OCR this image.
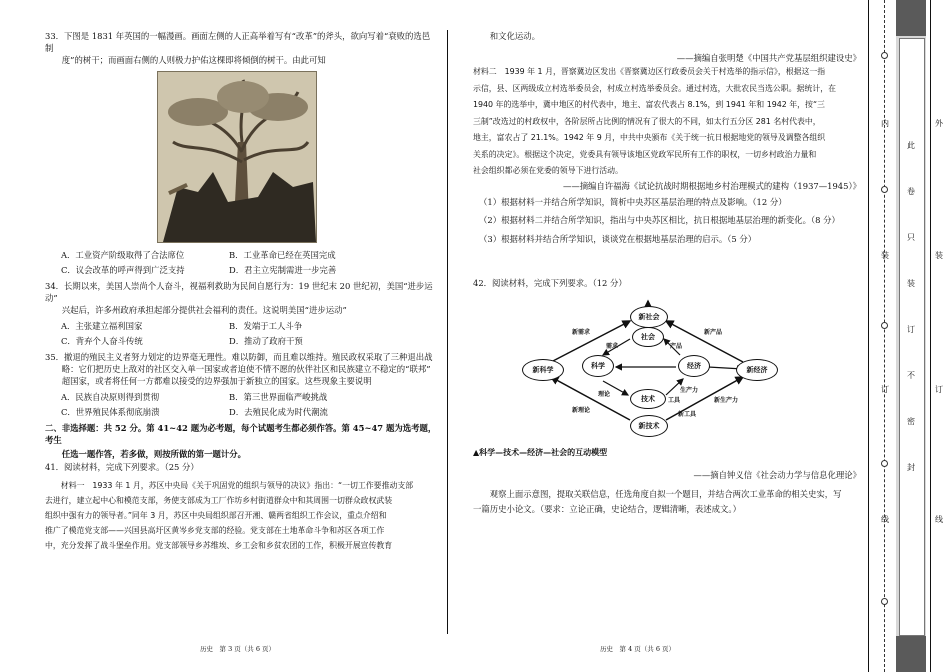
33．下图是 1831 年英国的一幅漫画。画面左侧的人正高举着写有“改革”的斧头，欲向写着“衰败的选邑制

度”的树干；而画面右侧的人则极力护佑这棵即将倾倒的树干。由此可知

A．工业资产阶级取得了合法席位	B．工业革命已经在英国完成
C．议会改革的呼声得到广泛支持	D．君主立宪制需进一步完善

34．长期以来，美国人崇尚个人奋斗，视福利救助为民间自愿行为：19 世纪末 20 世纪初，美国“进步运动”

兴起后，许多州政府承担起部分提供社会福利的责任。这说明美国“进步运动”

A．主张建立福利国家	B．发端于工人斗争
C．背弃个人奋斗传统	D．推动了政府干预

35．撤退的殖民主义者努力划定的边界毫无理性。难以防御，而且难以维持。殖民政权采取了三种退出战

略：它们把历史上敌对的社区交入单一国家或者迫使不情不愿的伙伴社区和民族建立不稳定的“联邦”

超国家，或者将任何一方都难以接受的边界强加于新独立的国家。这些现象主要说明

A．民族自决原则得到贯彻	B．第三世界面临严峻挑战
C．世界殖民体系彻底崩溃	D．去殖民化成为时代潮流

二、非选择题：共 52 分。第 41~42 题为必考题，每个试题考生都必须作答。第 45~47 题为选考题，考生

任选一题作答，若多做，则按所做的第一题计分。

41．阅读材料，完成下列要求。（25 分）

材料一　1933 年 1 月，苏区中央局《关于巩固党的组织与领导的决议》指出：“一切工作要推动支部

去进行，建立起中心和模范支部，务使支部成为工厂作坊乡村街道群众中和其周围一切群众政权武装

组织中强有力的领导者。”同年 3 月，苏区中央局组织部召开湘、赣两省组织工作会议，重点介绍和

推广了模范党支部——兴国县高圩区黄岑乡党支部的经验。党支部在土地革命斗争和苏区各项工作

中，充分发挥了战斗堡垒作用。党支部领导乡苏维埃、乡工会和乡贫农团的工作，积极开展宣传教育

和文化运动。

——摘编自张明楚《中国共产党基层组织建设史》

材料二　1939 年 1 月，晋察冀边区发出《晋察冀边区行政委员会关于村选举的指示信》，根据这一指

示信，县、区两级成立村选举委员会，村成立村选举委员会。通过村选，大批农民当选公职。据统计，在

1940 年的选举中，冀中地区的村代表中，地主、富农代表占 8.1%，到 1941 年和 1942 年，按“三

三制”改选过的村政权中，各阶层所占比例的情况有了很大的不同，如太行五分区 281 名村代表中，

地主，富农占了 21.1%。1942 年 9 月，中共中央颁布《关于统一抗日根据地党的领导及调整各组织

关系的决定》。根据这个决定，党委具有领导该地区党政军民所有工作的职权，一切乡村政治力量和

社会组织都必须在党委的领导下进行活动。

——摘编自许福海《试论抗战时期根据地乡村治理模式的建构（1937—1945）》

（1）根据材料一并结合所学知识，简析中央苏区基层治理的特点及影响。（12 分）

（2）根据材料二并结合所学知识，指出与中央苏区相比，抗日根据地基层治理的新变化。（8 分）

（3）根据材料并结合所学知识，谈谈党在根据地基层治理的启示。（5 分）

42．阅读材料，完成下列要求。（12 分）

新社会
新科学	新经济
新技术
社会
科学	经济
技术
新需求	新产品
需求	产品
理论
生产力
工具
新理论
新工具
新生产力

▲科学—技术—经济—社会的互动模型

——摘自钟义信《社会动力学与信息化理论》

观察上面示意图，提取关联信息，任选角度自拟一个题目，并结合两次工业革命的相关史实，写

一篇历史小论文。（要求：立论正确，史论结合，逻辑清晰，表述成文。）

历史　第 3 页（共 6 页）	历史　第 4 页（共 6 页）
内
装
订
线
外
装
订
线
此
卷
只
装
订
不
密
封
